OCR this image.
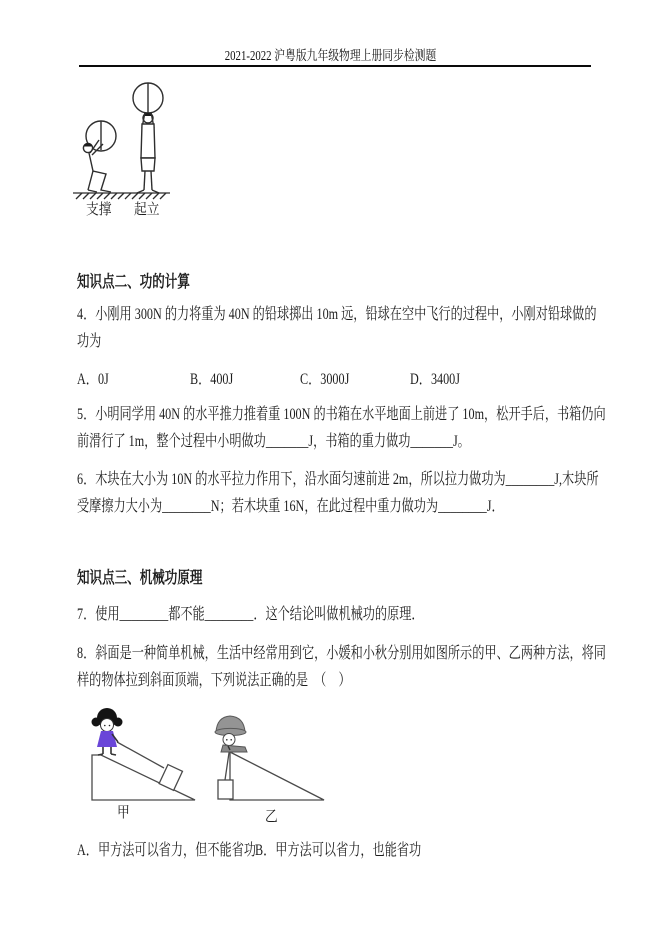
2021-2022 沪粤版九年级物理上册同步检测题
支撑 起立
知识点二、功的计算
4．小刚用 300N 的力将重为 40N 的铅球掷出 10m 远，铅球在空中飞行的过程中，小刚对铅球做的
功为
A．0J	B．400J	C．3000J	D．3400J
5．小明同学用 40N 的水平推力推着重 100N 的书箱在水平地面上前进了 10m，松开手后，书箱仍向
前滑行了 1m，整个过程中小明做功_______J，书箱的重力做功_______J。
6．木块在大小为 10N 的水平拉力作用下，沿水面匀速前进 2m，所以拉力做功为________J,木块所
受摩擦力大小为________N；若木块重 16N，在此过程中重力做功为________J．
知识点三、机械功原理
7．使用________都不能________．这个结论叫做机械功的原理．
8．斜面是一种简单机械，生活中经常用到它，小媛和小秋分别用如图所示的甲、乙两种方法，将同
样的物体拉到斜面顶端，下列说法正确的是　（　）
甲	乙
A．甲方法可以省力，但不能省功
B．甲方法可以省力，也能省功
